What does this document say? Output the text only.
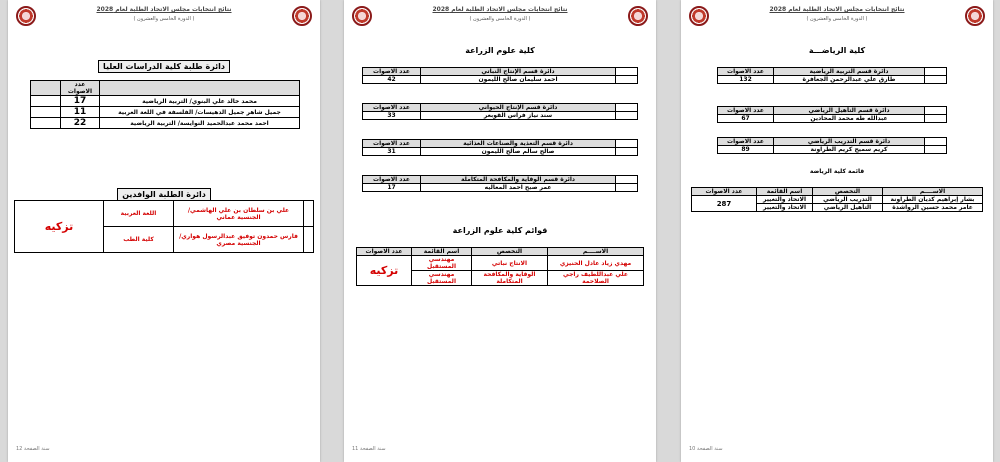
نتائج انتخابات مجلس الاتحاد الطلبة لعام 2028
( الدورة الخامس والعشرون )
دائرة طلبة كلية الدراسات العليا
	عدد الاصوات	
محمد خالد علي البنوي/ التربية الرياضية	17	
جميل شاهر جميل الدهيسات/ الفلسفة في اللغة العربية	11	
احمد محمد عبدالحميد النوايسة/ التربية الرياضية	22	
دائرة الطلبة الوافدين
	علي بن سلطان بن علي الهاشمي/ الجنسية عماني	اللغة العربية	تزكيه
	فارس حمدون توفيق عبدالرسول هواري/ الجنسية مصري	كلية الطب	
سنة الصفحة 12
نتائج انتخابات مجلس الاتحاد الطلبة لعام 2028
( الدورة الخامس والعشرون )
كلية علوم الزراعة
	دائرة قسم الإنتاج النباتي	عدد الاصوات
	احمد سليمان صالح الليمون	42
	دائرة قسم الإنتاج الحيواني	عدد الاصوات
	سند نياز فراس القوبعر	33
	دائرة قسم التغذية والصناعات الغذائية	عدد الاصوات
	صالح سالم صالح الليمون	31
	دائرة قسم الوقاية والمكافحة المتكاملة	عدد الاصوات
	عمر صبح احمد المعاليه	17
قوائم كلية علوم الزراعة
الاســــم	التخصص	اسم القائمة	عدد الاصوات
مهدي زياد عادل الحنيزي	الانتاج نباتي	مهندسي المستقبل	تزكيه
علي عبداللطيف راجي الصلاحمة	الوقاية والمكافحة المتكاملة	مهندسي المستقبل	
سنة الصفحة 11
نتائج انتخابات مجلس الاتحاد الطلبة لعام 2028
( الدورة الخامس والعشرون )
كلية الرياضـــة
	دائرة قسم التربية الرياضية	عدد الاصوات
	طارق علي عبدالرحمن الجعافرة	132
	دائرة قسم التأهيل الرياضي	عدد الاصوات
	عبدالله طه محمد المحادين	67
	دائرة قسم التدريب الرياضي	عدد الاصوات
	كريم سميح كريم الطراونة	89
قائمة كلية الرياضة
الاســــم	التخصص	اسم القائمة	عدد الاصوات
بشار إبراهيم كديان الطراونة	التدريب الرياضي	الاتحاد والتغيير	287
عامر محمد حسين الرواشدة	التأهيل الرياضي	الاتحاد والتغيير	
سنة الصفحة 10
